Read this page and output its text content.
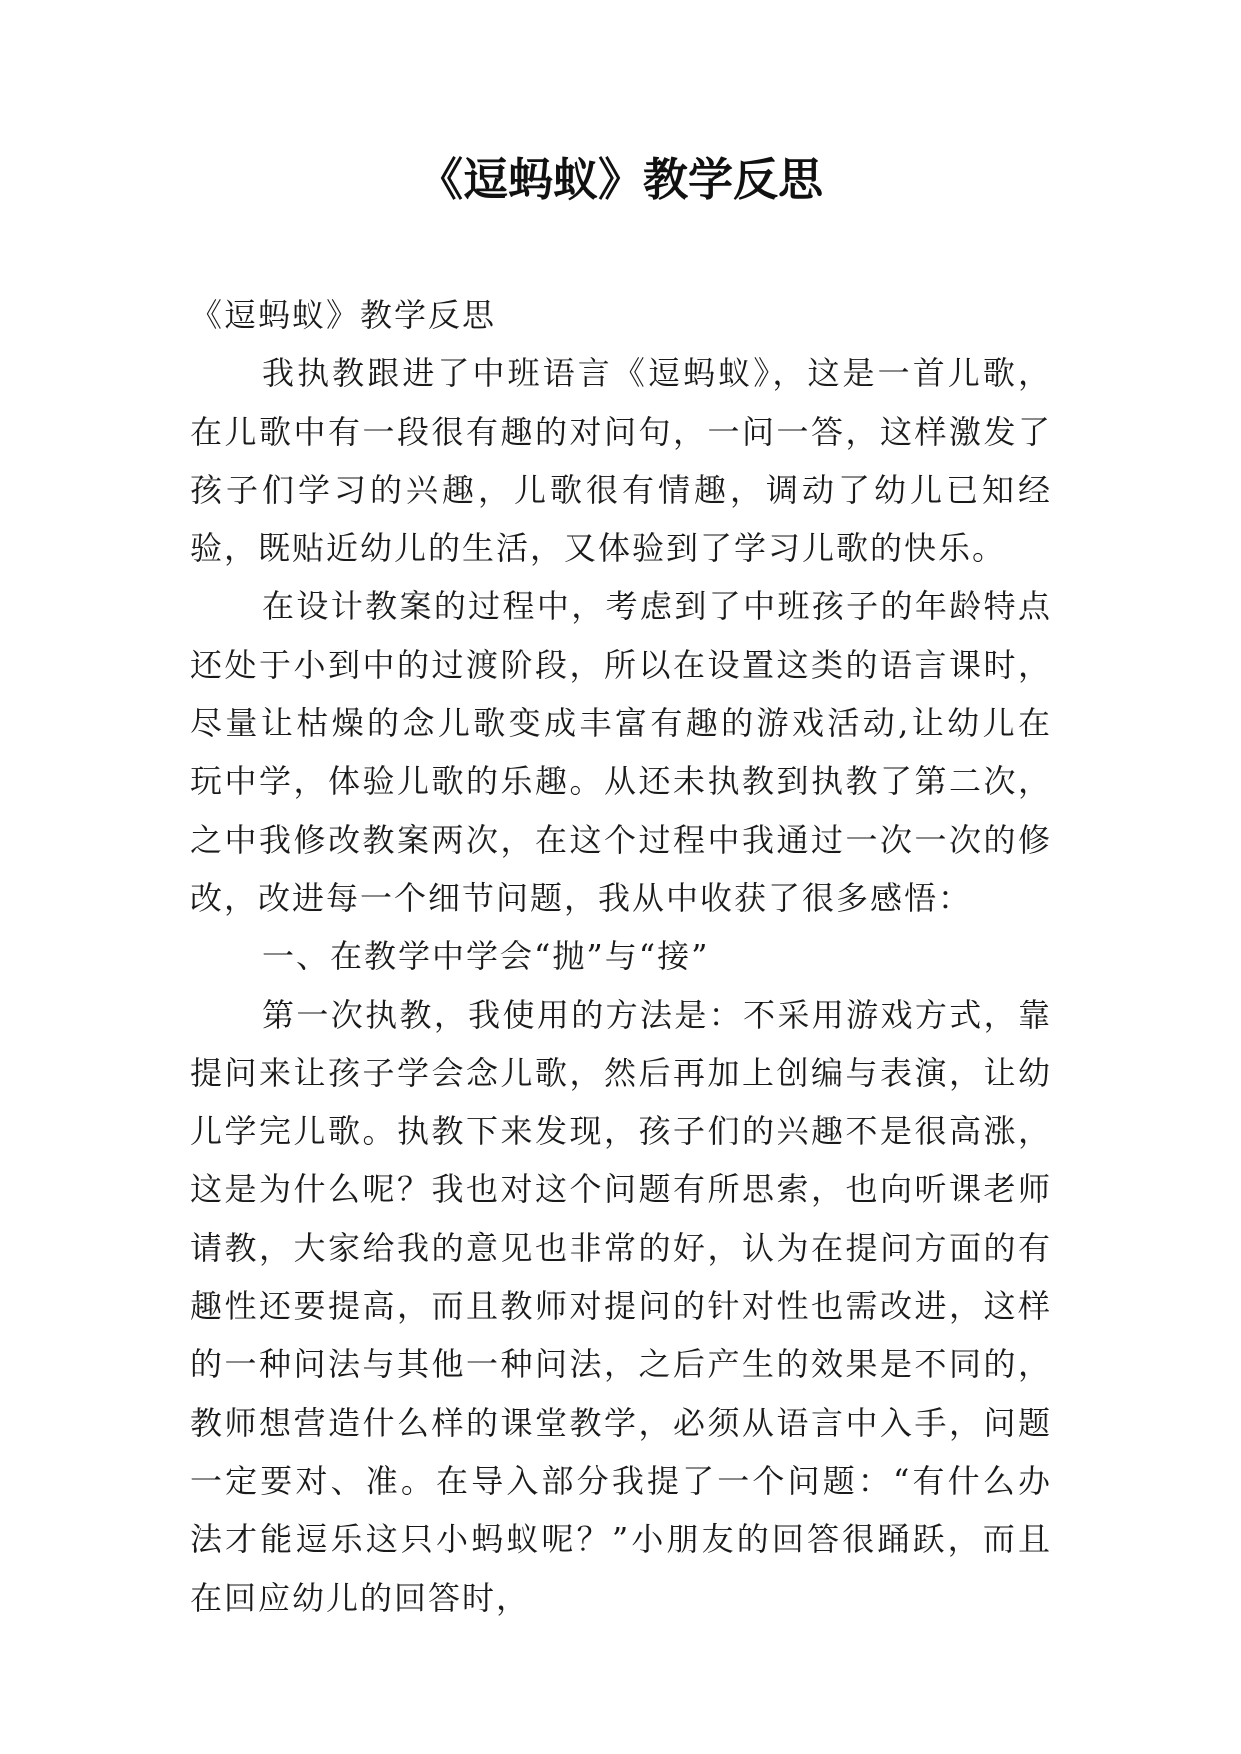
《逗蚂蚁》教学反思

《逗蚂蚁》教学反思

我执教跟进了中班语言《逗蚂蚁》，这是一首儿歌，在儿歌中有一段很有趣的对问句，一问一答，这样激发了孩子们学习的兴趣，儿歌很有情趣，调动了幼儿已知经验，既贴近幼儿的生活，又体验到了学习儿歌的快乐。

在设计教案的过程中，考虑到了中班孩子的年龄特点还处于小到中的过渡阶段，所以在设置这类的语言课时，尽量让枯燥的念儿歌变成丰富有趣的游戏活动,让幼儿在玩中学，体验儿歌的乐趣。从还未执教到执教了第二次，之中我修改教案两次，在这个过程中我通过一次一次的修改，改进每一个细节问题，我从中收获了很多感悟：

一、在教学中学会“抛”与“接”

第一次执教，我使用的方法是：不采用游戏方式，靠提问来让孩子学会念儿歌，然后再加上创编与表演，让幼儿学完儿歌。执教下来发现，孩子们的兴趣不是很高涨，这是为什么呢？我也对这个问题有所思索，也向听课老师请教，大家给我的意见也非常的好，认为在提问方面的有趣性还要提高，而且教师对提问的针对性也需改进，这样的一种问法与其他一种问法，之后产生的效果是不同的，教师想营造什么样的课堂教学，必须从语言中入手，问题一定要对、准。在导入部分我提了一个问题：“有什么办法才能逗乐这只小蚂蚁呢？”小朋友的回答很踊跃，而且在回应幼儿的回答时，
